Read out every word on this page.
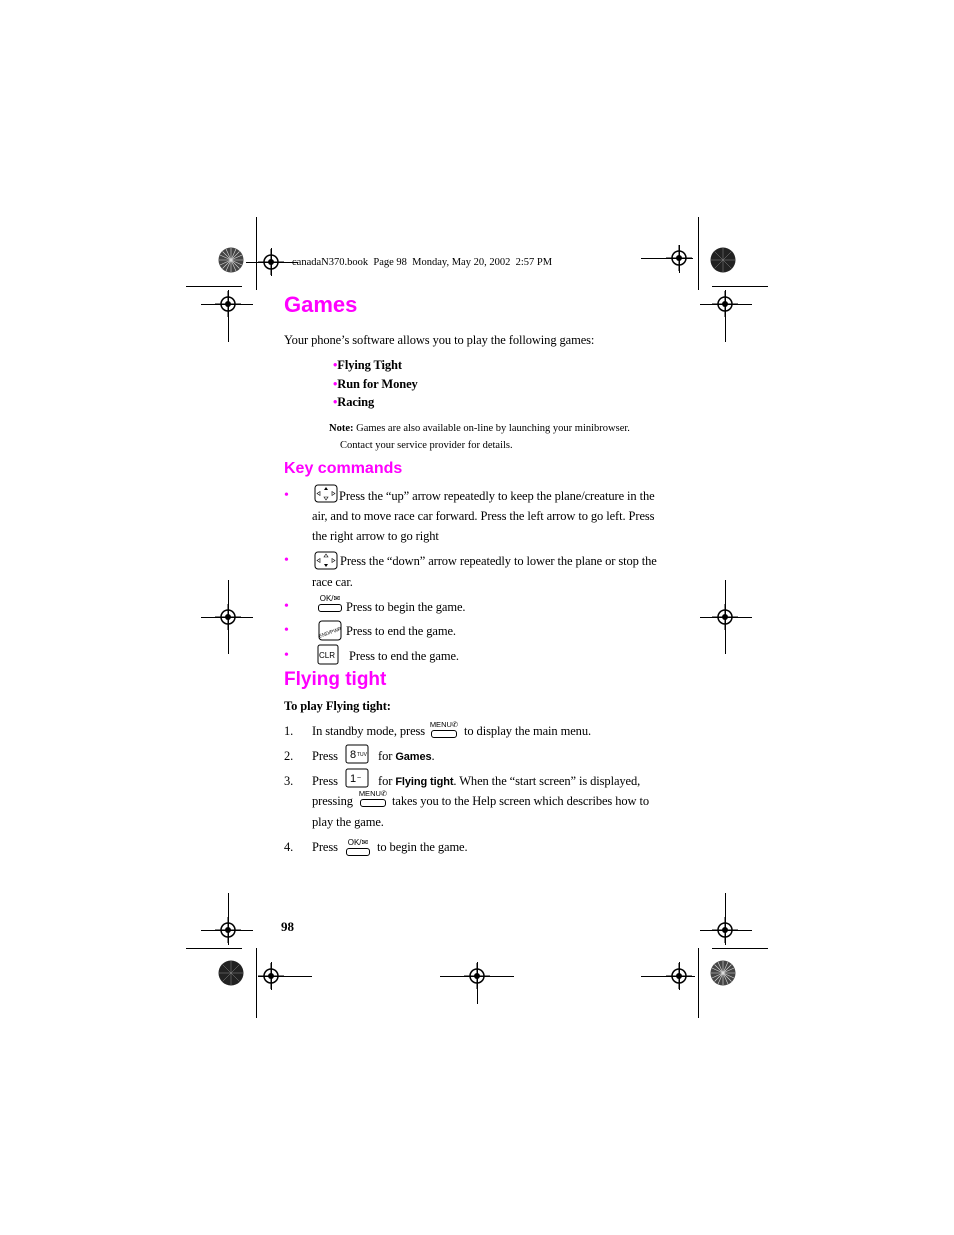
canadaN370.book  Page 98  Monday, May 20, 2002  2:57 PM
Games
Your phone’s software allows you to play the following games:
•Flying Tight
•Run for Money
•Racing
Note: Games are also available on-line by launching your minibrowser.
Contact your service provider for details.
Key commands
•	Press the “up” arrow repeatedly to keep the plane/creature in the
air, and to move race car forward. Press the left arrow to go left. Press
the right arrow to go right
•	Press the “down” arrow repeatedly to lower the plane or stop the
race car.
•
OK/✉
Press to begin the game.
•	END/PWR Press to end the game.
•	CLR Press to end the game.
Flying tight
To play Flying tight:
1. In standby mode, press MENU✆ to display the main menu.
2. Press 8 TUV for Games.
3. Press 1 ~ for Flying tight. When the “start screen” is displayed,
pressing
MENU✆
takes you to the Help screen which describes how to
play the game.
4. Press	OK/✉ to begin the game.
98
